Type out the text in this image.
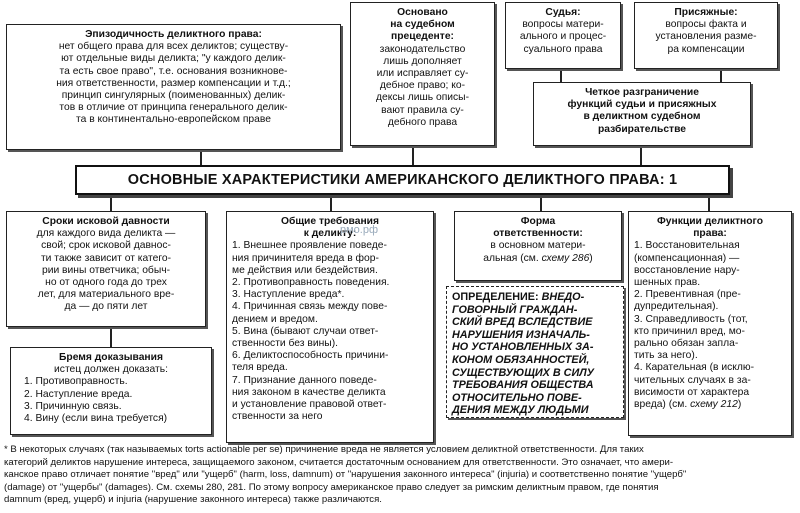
Эпизодичность деликтного права:
нет общего права для всех деликтов; существу-
ют отдельные виды деликта; "у каждого делик-
та есть свое право", т.е. основания возникнове-
ния ответственности, размер компенсации и т.д.;
принцип сингулярных (поименованных) делик-
тов в отличие от принципа генерального делик-
та в континентально-европейском праве
Основано
на судебном
прецеденте:
законодательство
лишь дополняет
или исправляет су-
дебное право; ко-
дексы лишь описы-
вают правила су-
дебного права
Судья:
вопросы матери-
ального и процес-
суального права
Присяжные:
вопросы факта и
установления разме-
ра компенсации
Четкое разграничение
функций судьи и присяжных
в деликтном судебном
разбирательстве
ОСНОВНЫЕ ХАРАКТЕРИСТИКИ АМЕРИКАНСКОГО ДЕЛИКТНОГО ПРАВА: 1
Сроки исковой давности
для каждого вида деликта —
свой; срок исковой давнос-
ти также зависит от катего-
рии вины ответчика; обыч-
но от одного года до трех
лет, для материального вре-
да — до пяти лет
Общие требования
к деликту:
1. Внешнее проявление поведе-
ния причинителя вреда в фор-
ме действия или бездействия.
2. Противоправность поведения.
3. Наступление вреда*.
4. Причинная связь между пове-
дением и вредом.
5. Вина (бывают случаи ответ-
ственности без вины).
6. Деликтоспособность причини-
теля вреда.
7. Признание данного поведе-
ния законом в качестве деликта
и установление правовой ответ-
ственности за него
Форма
ответственности:
в основном матери-
альная (см. схему 286)
ОПРЕДЕЛЕНИЕ: ВНЕДО-
ГОВОРНЫЙ ГРАЖДАН-
СКИЙ ВРЕД ВСЛЕДСТВИЕ
НАРУШЕНИЯ ИЗНАЧАЛЬ-
НО УСТАНОВЛЕННЫХ ЗА-
КОНОМ ОБЯЗАННОСТЕЙ,
СУЩЕСТВУЮЩИХ В СИЛУ
ТРЕБОВАНИЯ ОБЩЕСТВА
ОТНОСИТЕЛЬНО ПОВЕ-
ДЕНИЯ МЕЖДУ ЛЮДЬМИ
Функции деликтного
права:
1. Восстановительная
(компенсационная) —
восстановление нару-
шенных прав.
2. Превентивная (пре-
дупредительная).
3. Справедливость (тот,
кто причинил вред, мо-
рально обязан запла-
тить за него).
4. Карательная (в исклю-
чительных случаях в за-
висимости от характера
вреда) (см. схему 212)
Бремя доказывания
истец должен доказать:
1. Противоправность.
2. Наступление вреда.
3. Причинную связь.
4. Вину (если вина требуется)
рмо.рф
* В некоторых случаях (так называемых torts actionable per se) причинение вреда не является условием деликтной ответственности. Для таких
категорий деликтов нарушение интереса, защищаемого законом, считается достаточным основанием для ответственности. Это означает, что амери-
канское право отличает понятие "вред" или "ущерб" (harm, loss, damnum) от "нарушения законного интереса" (injuria) и соответственно понятие "ущерб"
(damage) от "ущербы" (damages). См. схемы 280, 281. По этому вопросу американское право следует за римским деликтным правом, где понятия
damnum (вред, ущерб) и injuria (нарушение законного интереса) также различаются.
